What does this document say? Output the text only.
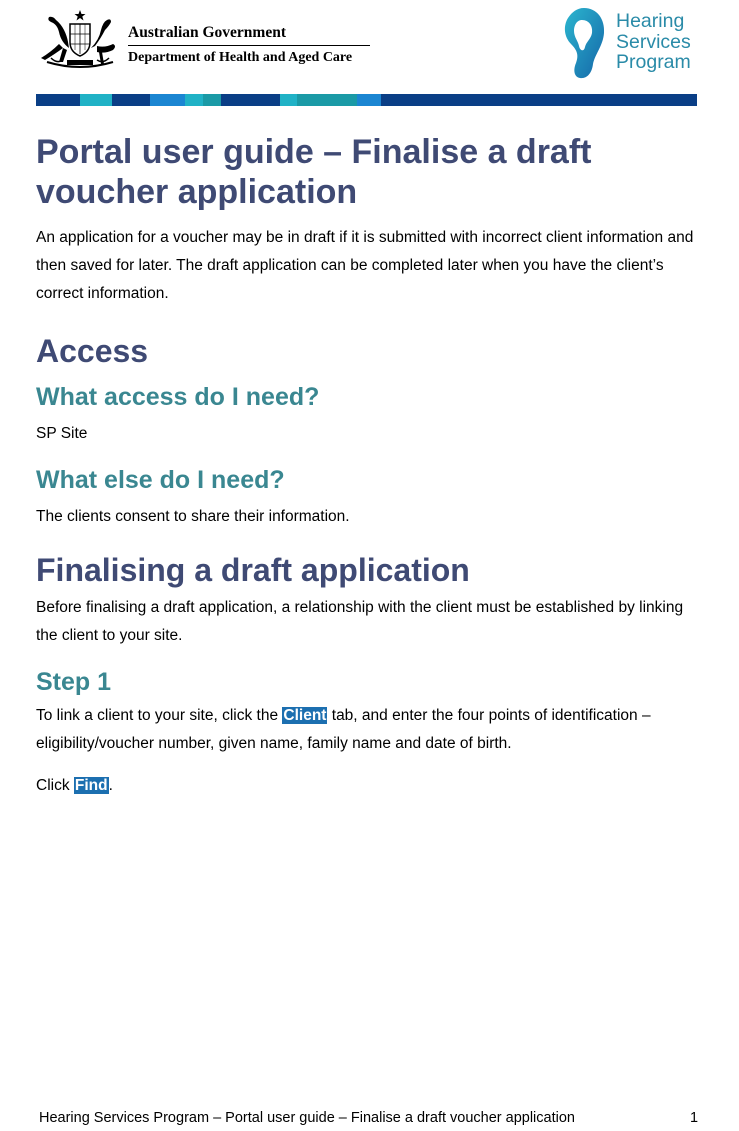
Australian Government
Department of Health and Aged Care
Hearing
Services
Program
Portal user guide – Finalise a draft voucher application

An application for a voucher may be in draft if it is submitted with incorrect client information and then saved for later. The draft application can be completed later when you have the client’s correct information.

Access
What access do I need?

SP Site

What else do I need?

The clients consent to share their information.

Finalising a draft application

Before finalising a draft application, a relationship with the client must be established by linking the client to your site.

Step 1

To link a client to your site, click the Client tab, and enter the four points of identification – eligibility/voucher number, given name, family name and date of birth.

Click Find.

Hearing Services Program – Portal user guide – Finalise a draft voucher application	1
